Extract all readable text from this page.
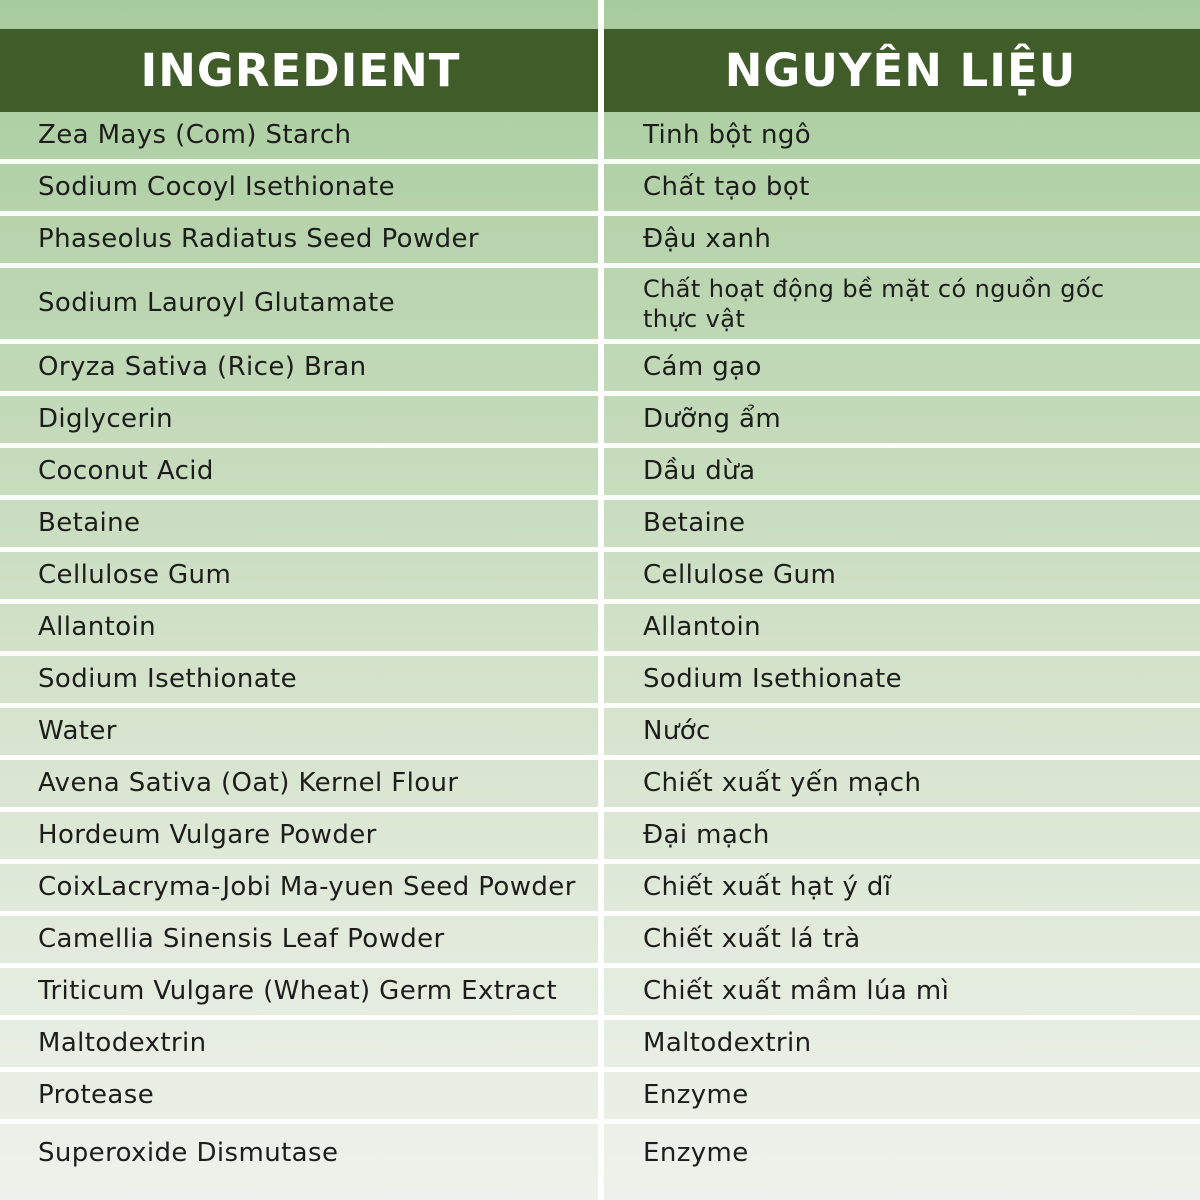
INGREDIENT	NGUYÊN LIỆU
Zea Mays (Com) Starch	Tinh bột ngô
Sodium Cocoyl Isethionate	Chất tạo bọt
Phaseolus Radiatus Seed Powder	Đậu xanh
Sodium Lauroyl Glutamate	Chất hoạt động bề mặt có nguồn gốc thực vật
Oryza Sativa (Rice) Bran	Cám gạo
Diglycerin	Dưỡng ẩm
Coconut Acid	Dầu dừa
Betaine	Betaine
Cellulose Gum	Cellulose Gum
Allantoin	Allantoin
Sodium Isethionate	Sodium Isethionate
Water	Nước
Avena Sativa (Oat) Kernel Flour	Chiết xuất yến mạch
Hordeum Vulgare Powder	Đại mạch
CoixLacryma-Jobi Ma-yuen Seed Powder	Chiết xuất hạt ý dĩ
Camellia Sinensis Leaf Powder	Chiết xuất lá trà
Triticum Vulgare (Wheat) Germ Extract	Chiết xuất mầm lúa mì
Maltodextrin	Maltodextrin
Protease	Enzyme
Superoxide Dismutase	Enzyme
